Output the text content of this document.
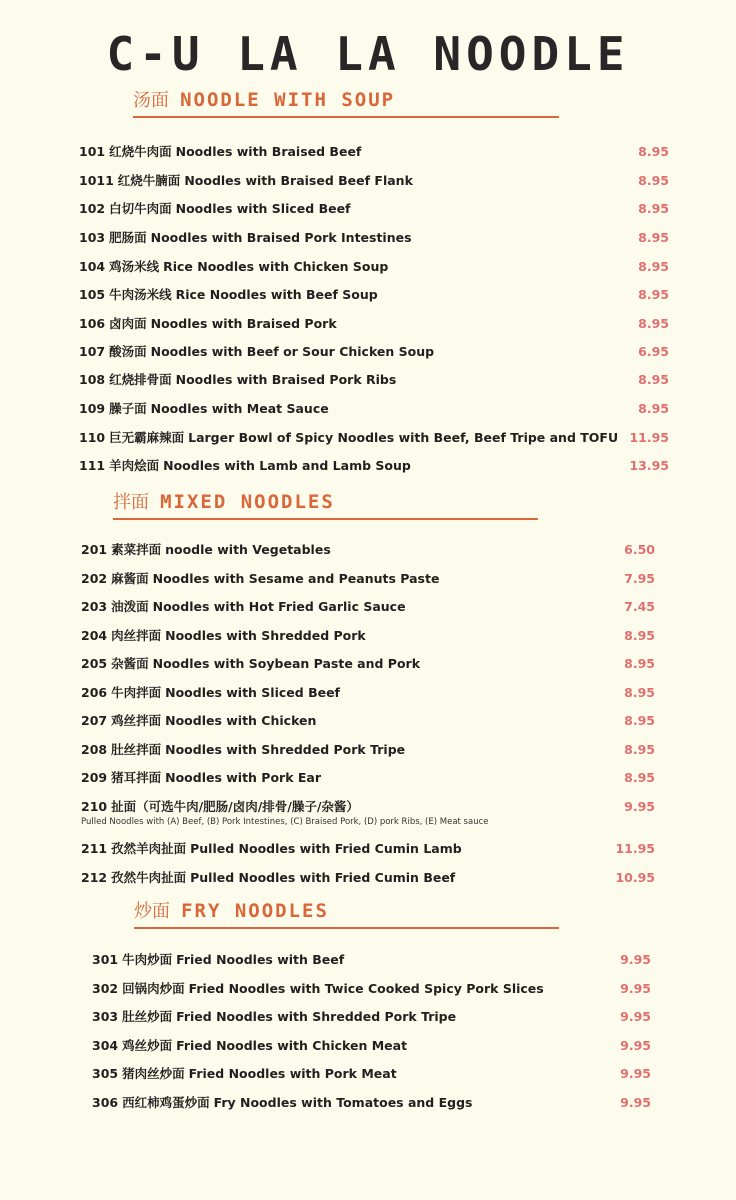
C-U LA LA NOODLE
汤面 NOODLE WITH SOUP
101 红烧牛肉面 Noodles with Braised Beef
1011 红烧牛腩面 Noodles with Braised Beef Flank
102 白切牛肉面 Noodles with Sliced Beef
103 肥肠面 Noodles with Braised Pork Intestines
104 鸡汤米线 Rice Noodles with Chicken Soup
105 牛肉汤米线 Rice Noodles with Beef Soup
106 卤肉面 Noodles with Braised Pork
107 酸汤面 Noodles with Beef or Sour Chicken Soup
108 红烧排骨面 Noodles with Braised Pork Ribs
109 臊子面 Noodles with Meat Sauce
110 巨无霸麻辣面 Larger Bowl of Spicy Noodles with Beef, Beef Tripe and TOFU
111 羊肉烩面 Noodles with Lamb and Lamb Soup
拌面 MIXED NOODLES
201 素菜拌面 noodle with Vegetables
202 麻酱面 Noodles with Sesame and Peanuts Paste
203 油泼面 Noodles with Hot Fried Garlic Sauce
204 肉丝拌面 Noodles with Shredded Pork
205 杂酱面 Noodles with Soybean Paste and Pork
206 牛肉拌面 Noodles with Sliced Beef
207 鸡丝拌面 Noodles with Chicken
208 肚丝拌面 Noodles with Shredded Pork Tripe
209 猪耳拌面 Noodles with Pork Ear
210 扯面（可选牛肉/肥肠/卤肉/排骨/臊子/杂酱）
Pulled Noodles with (A) Beef, (B) Pork Intestines, (C) Braised Pork, (D) pork Ribs, (E) Meat sauce
211 孜然羊肉扯面 Pulled Noodles with Fried Cumin Lamb
212 孜然牛肉扯面 Pulled Noodles with Fried Cumin Beef
炒面 FRY NOODLES
301 牛肉炒面 Fried Noodles with Beef
302 回锅肉炒面 Fried Noodles with Twice Cooked Spicy Pork Slices
303 肚丝炒面 Fried Noodles with Shredded Pork Tripe
304 鸡丝炒面 Fried Noodles with Chicken Meat
305 猪肉丝炒面 Fried Noodles with Pork Meat
306 西红柿鸡蛋炒面 Fry Noodles with Tomatoes and Eggs
8.95
8.95
8.95
8.95
8.95
8.95
8.95
6.95
8.95
8.95
11.95
13.95
6.50
7.95
7.45
8.95
8.95
8.95
8.95
8.95
8.95
9.95
11.95
10.95
9.95
9.95
9.95
9.95
9.95
9.95
